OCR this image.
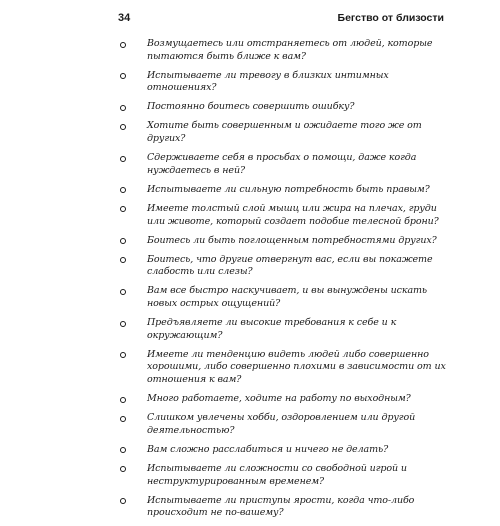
34	Бегство от близости
Возмущаетесь или отстраняетесь от людей, которые пытаются быть ближе к вам?
Испытываете ли тревогу в близких интимных отношениях?
Постоянно боитесь совершить ошибку?
Хотите быть совершенным и ожидаете того же от других?
Сдерживаете себя в просьбах о помощи, даже когда нуждаетесь в ней?
Испытываете ли сильную потребность быть правым?
Имеете толстый слой мышц или жира на плечах, груди или животе, который создает подобие телесной брони?
Боитесь ли быть поглощенным потребностями других?
Боитесь, что другие отвергнут вас, если вы покажете слабость или слезы?
Вам все быстро наскучивает, и вы вынуждены искать новых острых ощущений?
Предъявляете ли высокие требования к себе и к окружающим?
Имеете ли тенденцию видеть людей либо совершенно хорошими, либо совершенно плохими в зависимости от их отношения к вам?
Много работаете, ходите на работу по выходным?
Слишком увлечены хобби, оздоровлением или другой деятельностью?
Вам сложно расслабиться и ничего не делать?
Испытываете ли сложности со свободной игрой и неструктурированным временем?
Испытываете ли приступы ярости, когда что-либо происходит не по-вашему?
